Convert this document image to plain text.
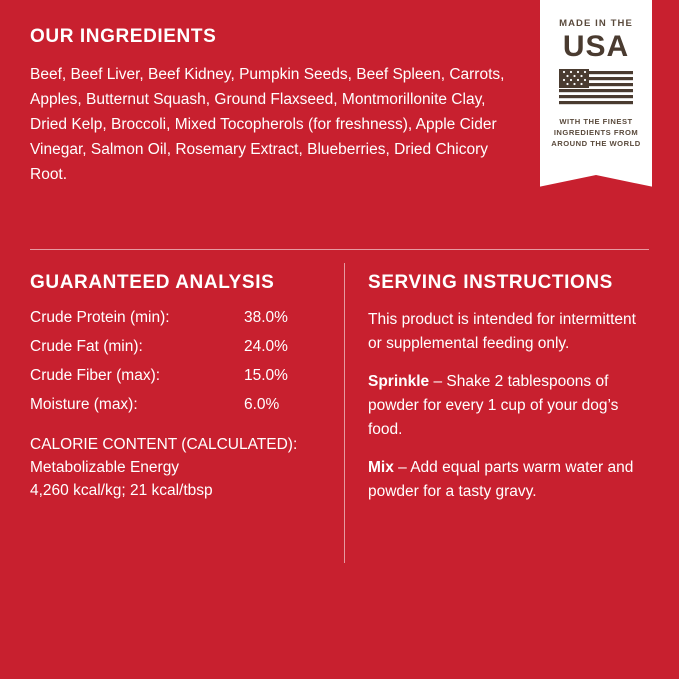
OUR INGREDIENTS
Beef, Beef Liver, Beef Kidney, Pumpkin Seeds, Beef Spleen, Carrots, Apples, Butternut Squash, Ground Flaxseed, Montmorillonite Clay, Dried Kelp, Broccoli, Mixed Tocopherols (for freshness), Apple Cider Vinegar, Salmon Oil, Rosemary Extract, Blueberries, Dried Chicory Root.
MADE IN THE
USA
WITH THE FINEST INGREDIENTS FROM AROUND THE WORLD
GUARANTEED ANALYSIS
Crude Protein (min):	38.0%
Crude Fat (min):	24.0%
Crude Fiber (max):	15.0%
Moisture (max):	6.0%
CALORIE CONTENT (CALCULATED):
Metabolizable Energy
4,260 kcal/kg; 21 kcal/tbsp
SERVING INSTRUCTIONS

This product is intended for intermittent or supplemental feeding only.

Sprinkle – Shake 2 tablespoons of powder for every 1 cup of your dog’s food.

Mix – Add equal parts warm water and powder for a tasty gravy.
